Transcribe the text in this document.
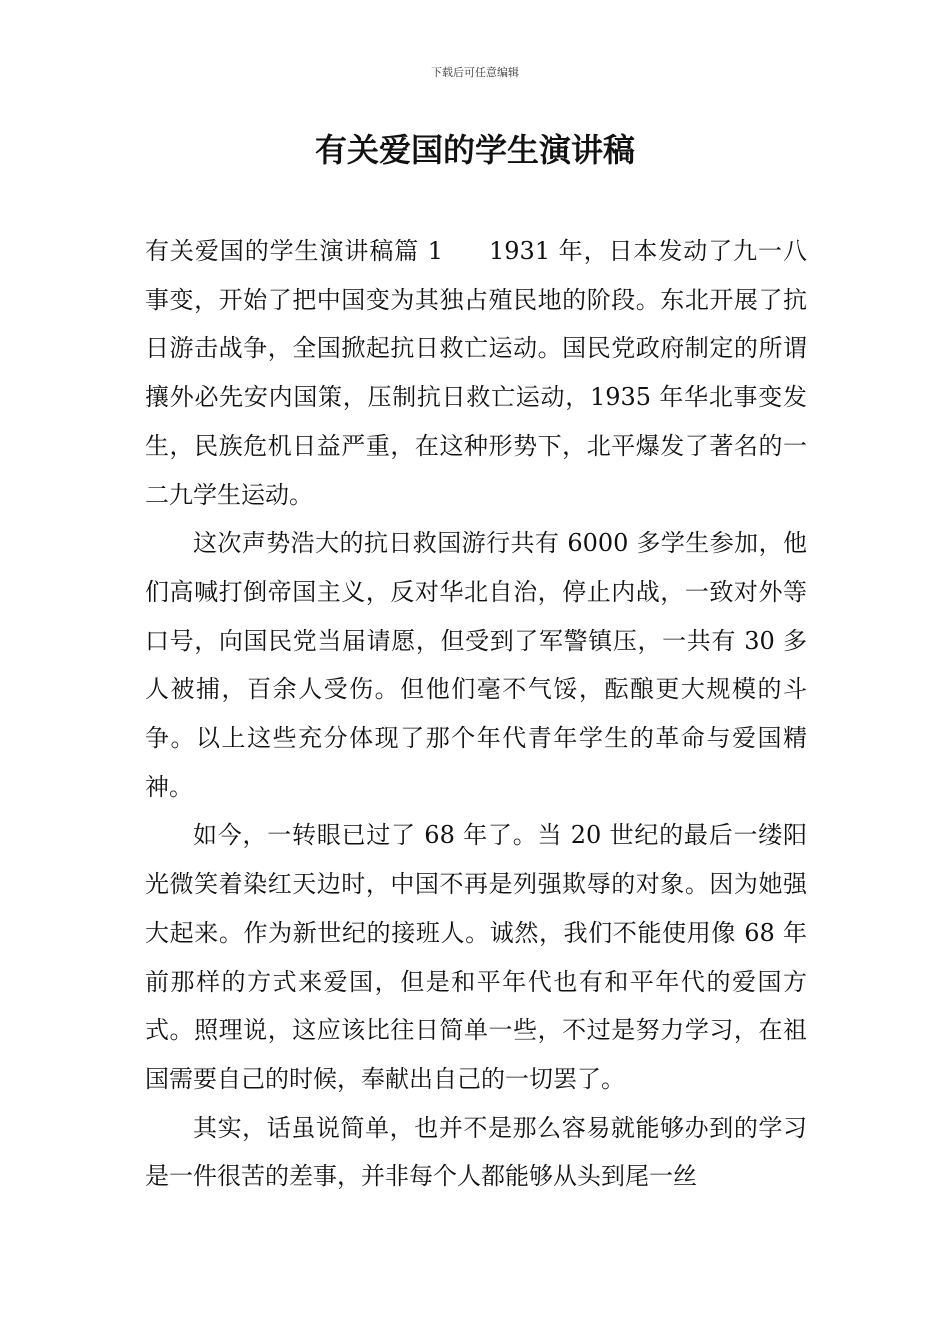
下载后可任意编辑
有关爱国的学生演讲稿

有关爱国的学生演讲稿篇 1 1931 年，日本发动了九一八事变，开始了把中国变为其独占殖民地的阶段。东北开展了抗日游击战争，全国掀起抗日救亡运动。国民党政府制定的所谓攘外必先安内国策，压制抗日救亡运动，1935 年华北事变发生，民族危机日益严重，在这种形势下，北平爆发了著名的一二九学生运动。

这次声势浩大的抗日救国游行共有 6000 多学生参加，他们高喊打倒帝国主义，反对华北自治，停止内战，一致对外等口号，向国民党当届请愿，但受到了军警镇压，一共有 30 多人被捕，百余人受伤。但他们毫不气馁，酝酿更大规模的斗争。以上这些充分体现了那个年代青年学生的革命与爱国精神。

如今，一转眼已过了 68 年了。当 20 世纪的最后一缕阳光微笑着染红天边时，中国不再是列强欺辱的对象。因为她强大起来。作为新世纪的接班人。诚然，我们不能使用像 68 年前那样的方式来爱国，但是和平年代也有和平年代的爱国方式。照理说，这应该比往日简单一些，不过是努力学习，在祖国需要自己的时候，奉献出自己的一切罢了。

其实，话虽说简单，也并不是那么容易就能够办到的学习是一件很苦的差事，并非每个人都能够从头到尾一丝
